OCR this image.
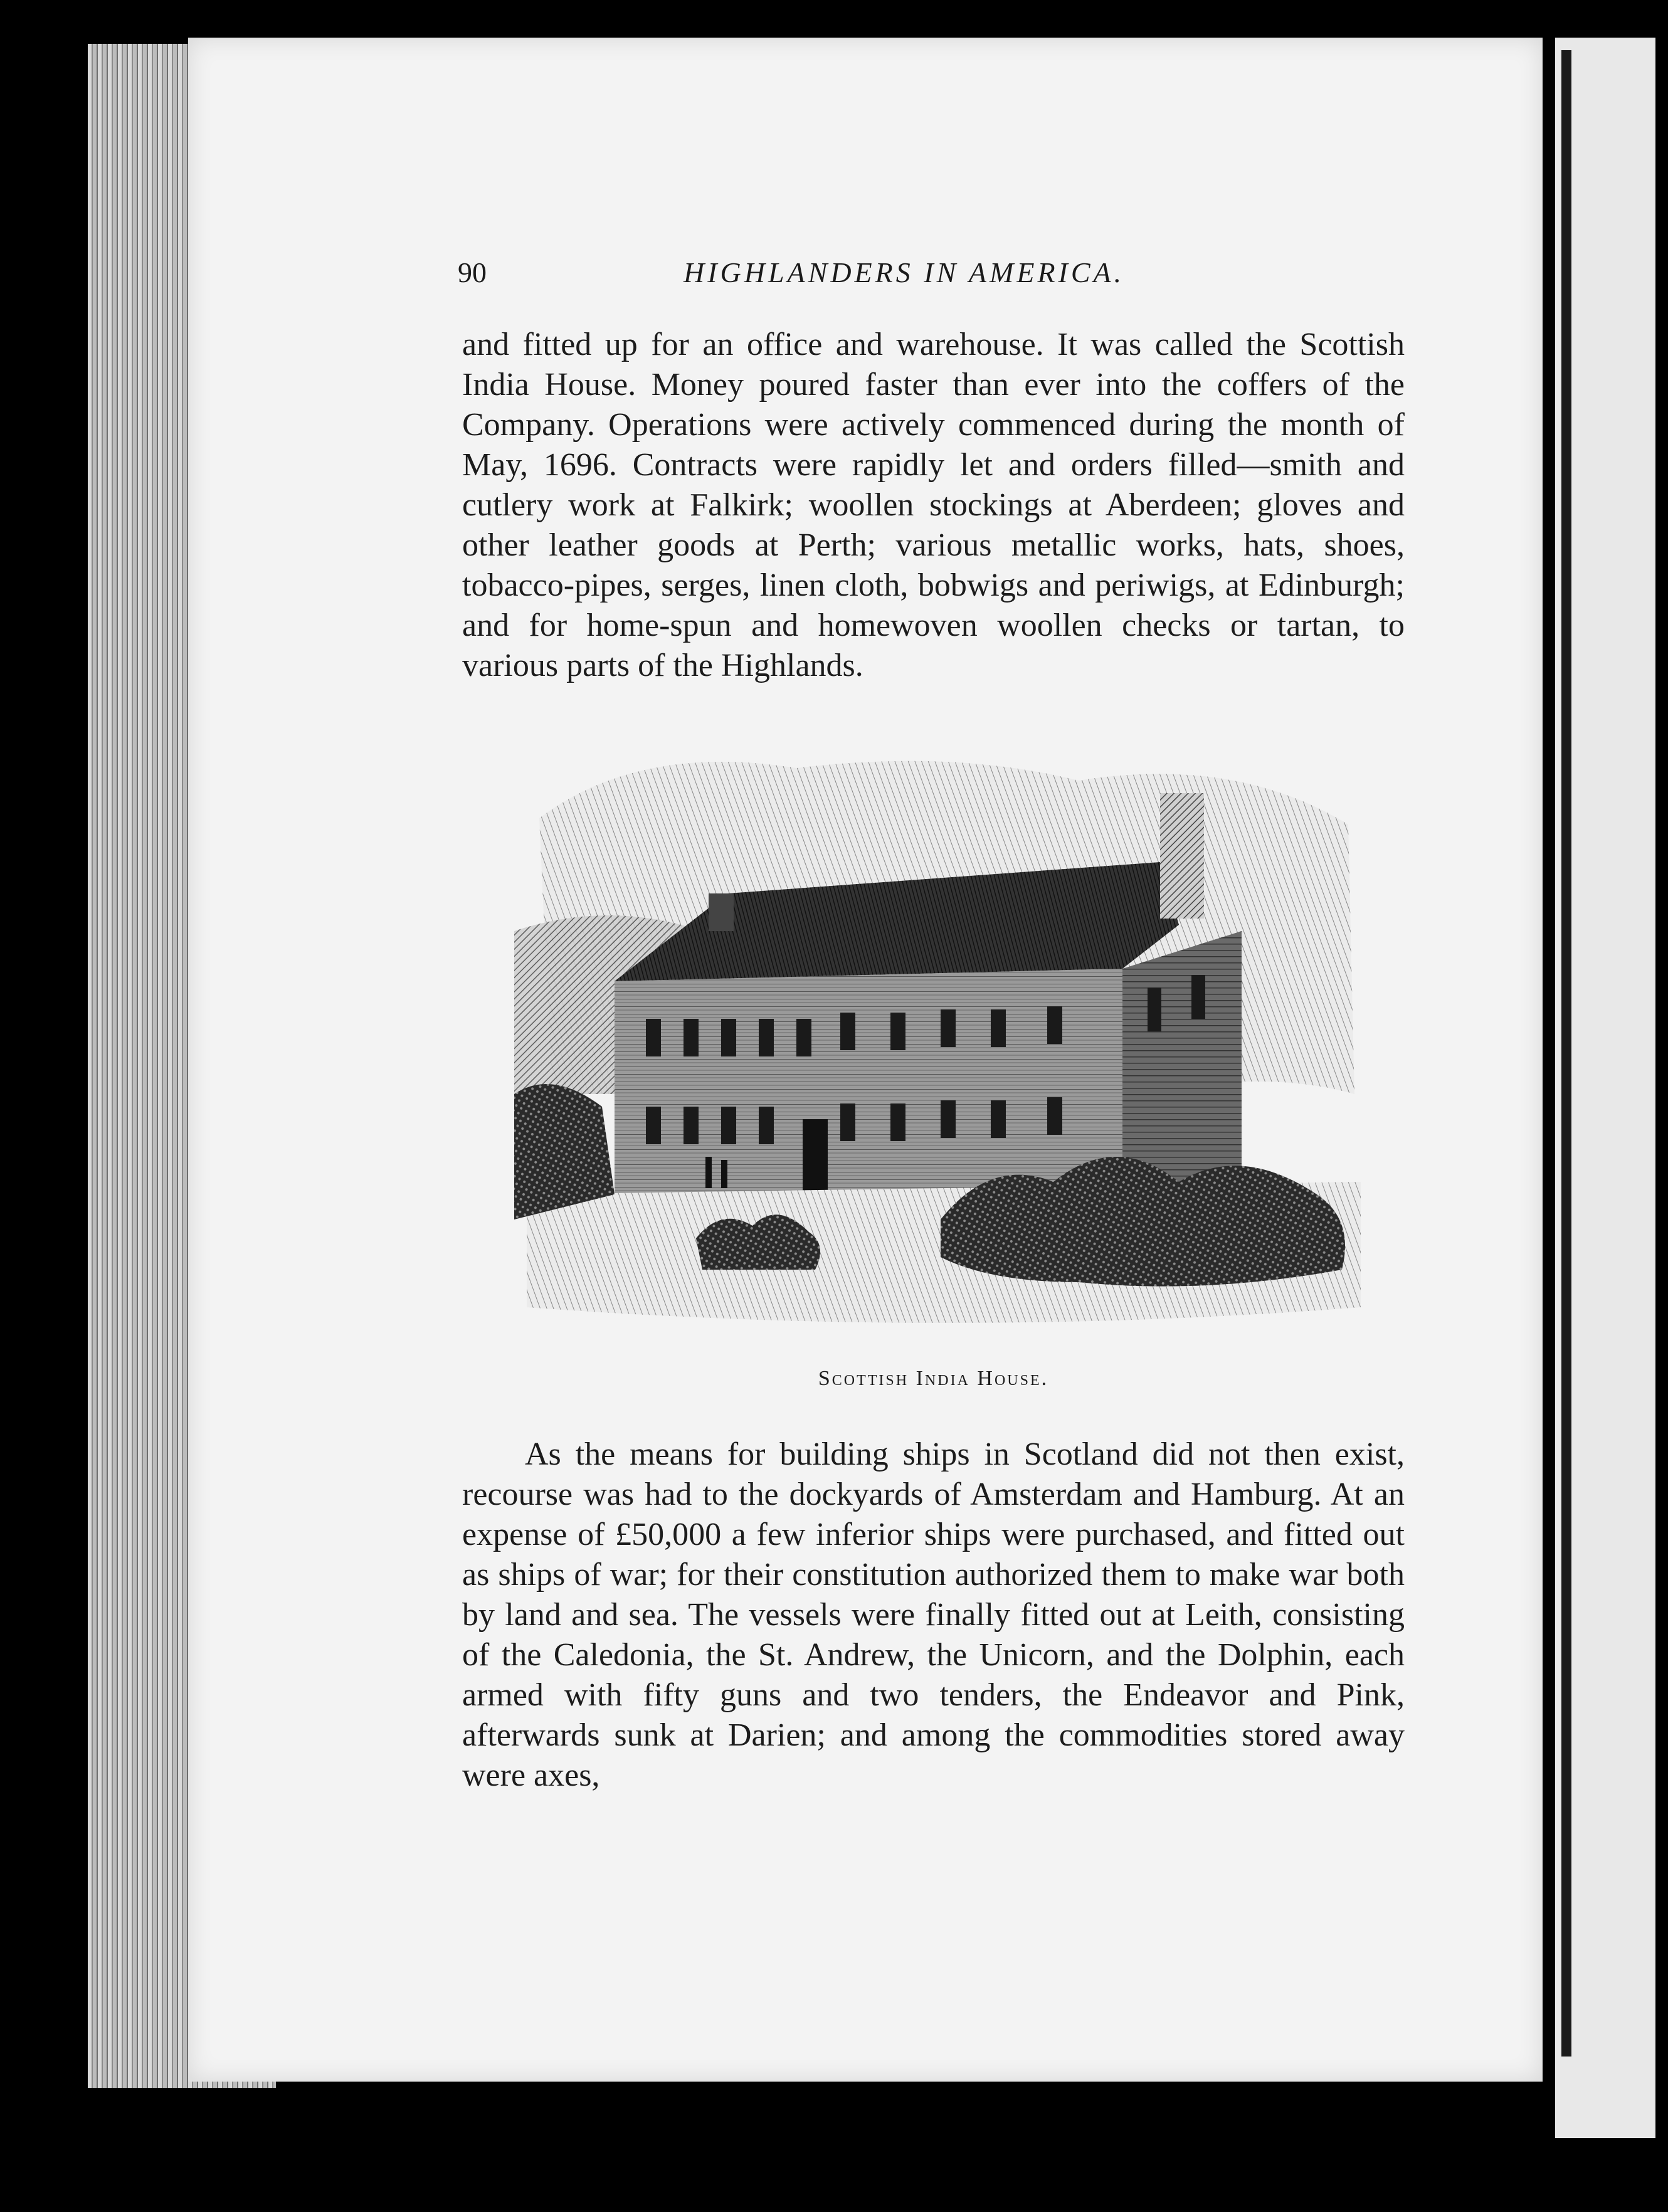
90	HIGHLANDERS IN AMERICA.

and fitted up for an office and warehouse. It was called the Scottish India House. Money poured faster than ever into the coffers of the Company. Operations were actively commenced during the month of May, 1696. Contracts were rapidly let and orders filled—smith and cutlery work at Falkirk; woollen stockings at Aberdeen; gloves and other leather goods at Perth; various metallic works, hats, shoes, tobacco-pipes, serges, linen cloth, bobwigs and periwigs, at Edinburgh; and for home-spun and homewoven woollen checks or tartan, to various parts of the Highlands.

Scottish India House.

As the means for building ships in Scotland did not then exist, recourse was had to the dockyards of Amsterdam and Hamburg. At an expense of £50,000 a few inferior ships were purchased, and fitted out as ships of war; for their constitution authorized them to make war both by land and sea. The vessels were finally fitted out at Leith, consisting of the Caledonia, the St. Andrew, the Unicorn, and the Dolphin, each armed with fifty guns and two tenders, the Endeavor and Pink, afterwards sunk at Darien; and among the commodities stored away were axes,
